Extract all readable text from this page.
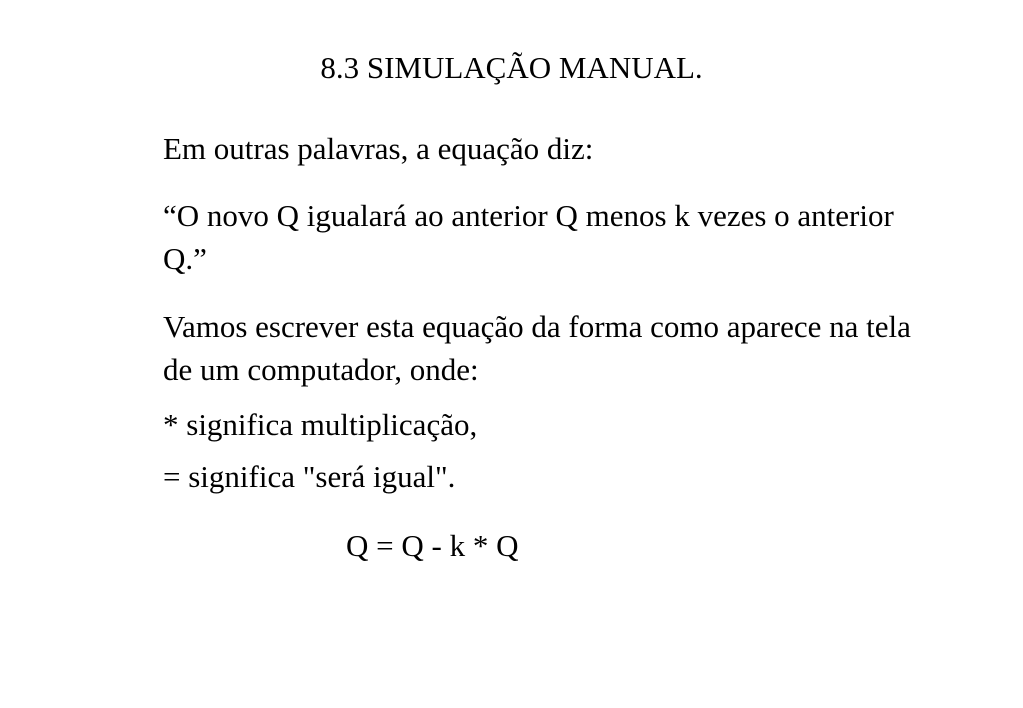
8.3 SIMULAÇÃO MANUAL.

Em outras palavras, a equação diz:

“O novo Q igualará ao anterior Q menos k vezes o anterior Q.”

Vamos escrever esta equação da forma como aparece na tela de um computador, onde:

* significa multiplicação,

= significa "será igual".

Q = Q - k * Q
